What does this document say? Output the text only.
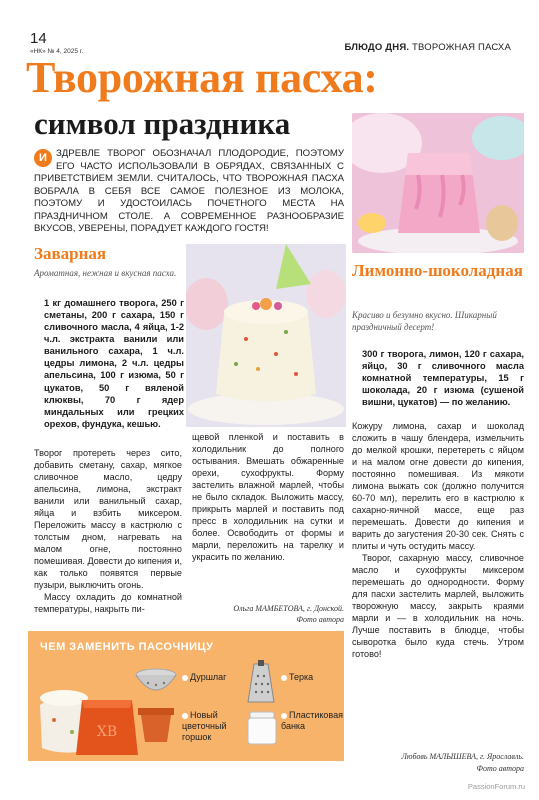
14
«НК» № 4, 2025 г.	БЛЮДО ДНЯ. ТВОРОЖНАЯ ПАСХА
Творожная пасха:
символ праздника
И ЗДРЕВЛЕ ТВОРОГ ОБОЗНАЧАЛ ПЛОДОРОДИЕ, ПОЭТОМУ ЕГО ЧАСТО ИСПОЛЬЗОВАЛИ В ОБРЯДАХ, СВЯЗАННЫХ С ПРИВЕТСТВИЕМ ЗЕМЛИ. СЧИТАЛОСЬ, ЧТО ТВОРОЖНАЯ ПАСХА ВОБРАЛА В СЕБЯ ВСЕ САМОЕ ПОЛЕЗНОЕ ИЗ МОЛОКА, ПОЭТОМУ И УДОСТОИЛАСЬ ПОЧЕТНОГО МЕСТА НА ПРАЗДНИЧНОМ СТОЛЕ. А СОВРЕМЕННОЕ РАЗНООБРАЗИЕ ВКУСОВ, УВЕРЕНЫ, ПОРАДУЕТ КАЖДОГО ГОСТЯ!
Заварная
Ароматная, нежная и вкусная пасха.
1 кг домашнего творога, 250 г сметаны, 200 г сахара, 150 г сливочного масла, 4 яйца, 1-2 ч.л. экстракта ванили или ванильного сахара, 1 ч.л. цедры лимона, 2 ч.л. цедры апельсина, 100 г изюма, 50 г цукатов, 50 г вяленой клюквы, 70 г ядер миндальных или грецких орехов, фундука, кешью.

Творог протереть через сито, добавить сметану, сахар, мягкое сливочное масло, цедру апельсина, лимона, экстракт ванили или ванильный сахар, яйца и взбить миксером. Переложить массу в кастрюлю с толстым дном, нагревать на малом огне, постоянно помешивая. Довести до кипения и, как только появятся первые пузыри, выключить огонь.

Массу охладить до комнатной температуры, накрыть пи-

щевой пленкой и поставить в холодильник до полного остывания. Вмешать обжаренные орехи, сухофрукты. Форму застелить влажной марлей, чтобы не было складок. Выложить массу, прикрыть марлей и поставить под пресс в холодильник на сутки и более. Освободить от формы и марли, переложить на тарелку и украсить по желанию.
Ольга МАМБЕТОВА, г. Донской.
Фото автора
Лимонно-шоколадная
Красиво и безумно вкусно. Шикарный праздничный десерт!
300 г творога, лимон, 120 г сахара, яйцо, 30 г сливочного масла комнатной температуры, 15 г шоколада, 20 г изюма (сушеной вишни, цукатов) — по желанию.

Кожуру лимона, сахар и шоколад сложить в чашу блендера, измельчить до мелкой крошки, перетереть с яйцом и на малом огне довести до кипения, постоянно помешивая. Из мякоти лимона выжать сок (должно получится 60-70 мл), перелить его в кастрюлю к сахарно-яичной массе, еще раз перемешать. Довести до кипения и варить до загустения 20-30 сек. Снять с плиты и чуть остудить массу.

Творог, сахарную массу, сливочное масло и сухофрукты миксером перемешать до однородности. Форму для пасхи застелить марлей, выложить творожную массу, закрыть краями марли и — в холодильник на ночь. Лучше поставить в блюдце, чтобы сыворотка было куда стечь. Утром готово!

Любовь МАЛЫШЕВА, г. Ярославль.
Фото автора
ЧЕМ ЗАМЕНИТЬ ПАСОЧНИЦУ
ХВ
Дуршлаг	Терка
Новый цветочный горшок
Пластиковая банка
PassionForum.ru
